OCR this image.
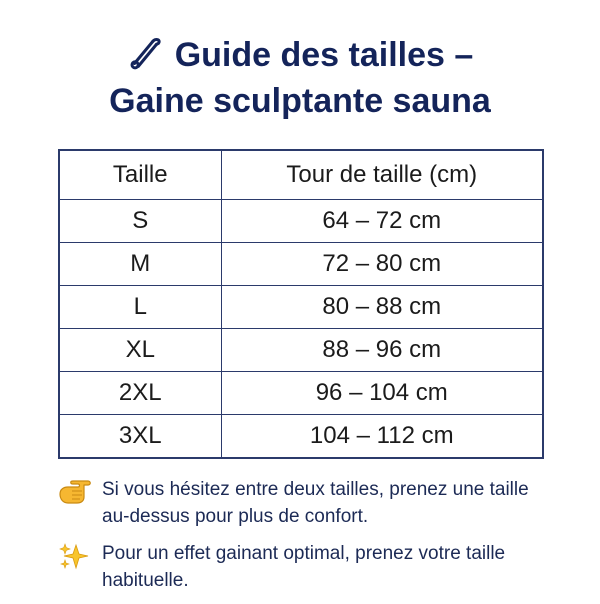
Guide des tailles –
Gaine sculptante sauna
Taille	Tour de taille (cm)
S	64 – 72 cm
M	72 – 80 cm
L	80 – 88 cm
XL	88 – 96 cm
2XL	96 – 104 cm
3XL	104 – 112 cm
Si vous hésitez entre deux tailles, prenez une taille au-dessus pour plus de confort.
Pour un effet gainant optimal, prenez votre taille habituelle.
